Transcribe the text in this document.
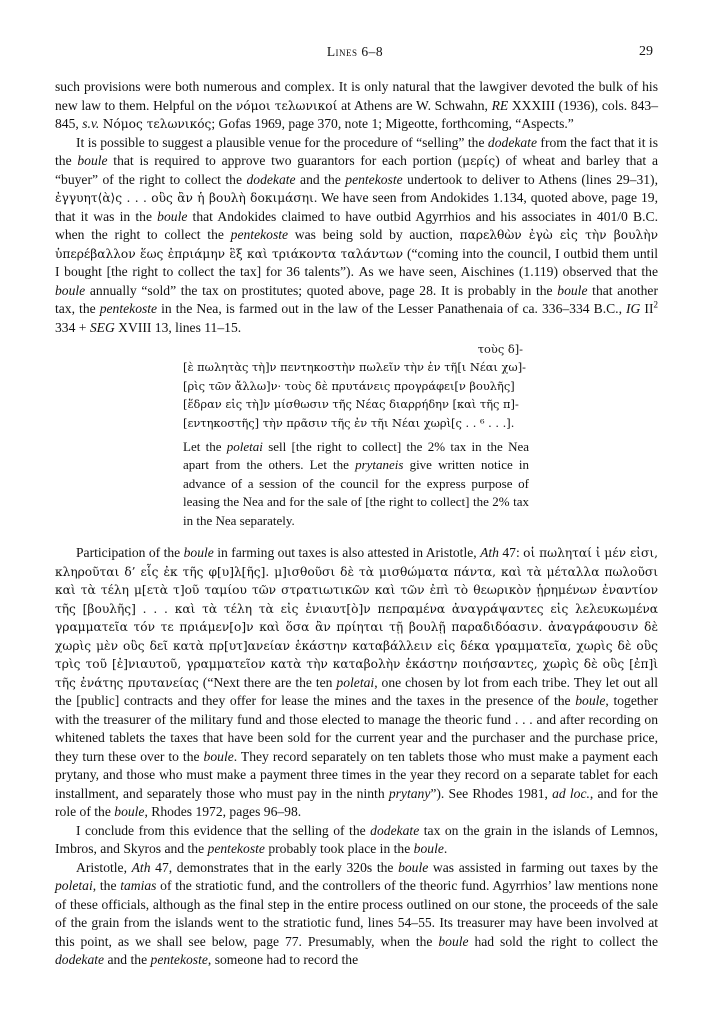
Lines 6–8	29

such provisions were both numerous and complex. It is only natural that the lawgiver devoted the bulk of his new law to them. Helpful on the νόμοι τελωνικοί at Athens are W. Schwahn, RE XXXIII (1936), cols. 843–845, s.v. Νόμος τελωνικός; Gofas 1969, page 370, note 1; Migeotte, forthcoming, “Aspects.”

It is possible to suggest a plausible venue for the procedure of “selling” the dodekate from the fact that it is the boule that is required to approve two guarantors for each portion (μερίς) of wheat and barley that a “buyer” of the right to collect the dodekate and the pentekoste undertook to deliver to Athens (lines 29–31), ἐγγυητ⟨ὰ⟩ς . . . οὓς ἂν ἡ βουλὴ δοκιμάσηι. We have seen from Andokides 1.134, quoted above, page 19, that it was in the boule that Andokides claimed to have outbid Agyrrhios and his associates in 401/0 B.C. when the right to collect the pentekoste was being sold by auction, παρελθὼν ἐγὼ εἰς τὴν βουλὴν ὑπερέβαλλον ἕως ἐπριάμην ἓξ καὶ τριάκοντα ταλάντων (“coming into the council, I outbid them until I bought [the right to collect the tax] for 36 talents”). As we have seen, Aischines (1.119) observed that the boule annually “sold” the tax on prostitutes; quoted above, page 28. It is probably in the boule that another tax, the pentekoste in the Nea, is farmed out in the law of the Lesser Panathenaia of ca. 336–334 B.C., IG $II^2$ 334 + SEG XVIII 13, lines 11–15.

τοὺς δ]-
[ὲ πωλητὰς τὴ]ν πεντηκοστὴν πωλεῖν τὴν ἐν τῆ[ι Νέαι χω]-
[ρὶς τῶν ἄλλω]ν· τοὺς δὲ πρυτάνεις προγράφει[ν βουλῆς]
[ἕδραν εἰς τὴ]ν μίσθωσιν τῆς Νέας διαρρήδην [καὶ τῆς π]-
[εντηκοστῆς] τὴν πρᾶσιν τῆς ἐν τῆι Νέαι χωρὶ[ς . . ⁶ . . .].
Let the poletai sell [the right to collect] the 2% tax in the Nea apart from the others. Let the prytaneis give written notice in advance of a session of the council for the express purpose of leasing the Nea and for the sale of [the right to collect] the 2% tax in the Nea separately.

Participation of the boule in farming out taxes is also attested in Aristotle, Ath 47: οἱ πωληταί ἰ μέν εἰσι, κληροῦται δ’ εἷς ἐκ τῆς φ[υ]λ[ῆς]. μ]ισθοῦσι δὲ τὰ μισθώματα πάντα, καὶ τὰ μέταλλα πωλοῦσι καὶ τὰ τέλη μ[ετὰ τ]οῦ ταμίου τῶν στρατιωτικῶν καὶ τῶν ἐπὶ τὸ θεωρικὸν ᾑρημένων ἐναντίον τῆς [βουλῆς] . . . καὶ τὰ τέλη τὰ εἰς ἐνιαυτ[ὸ]ν πεπραμένα ἀναγράψαντες εἰς λελευκωμένα γραμματεῖα τόν τε πριάμεν[ο]ν καὶ ὅσα ἂν πρίηται τῇ βουλῇ παραδιδόασιν. ἀναγράφουσιν δὲ χωρὶς μὲν οὓς δεῖ κατὰ πρ[υτ]ανείαν ἑκάστην καταβάλλειν εἰς δέκα γραμματεῖα, χωρὶς δὲ οὓς τρὶς τοῦ [ἐ]νιαυτοῦ, γραμματεῖον κατὰ τὴν καταβολὴν ἑκάστην ποιήσαντες, χωρὶς δὲ οὓς [ἐπ]ὶ τῆς ἐνάτης πρυτανείας (“Next there are the ten poletai, one chosen by lot from each tribe. They let out all the [public] contracts and they offer for lease the mines and the taxes in the presence of the boule, together with the treasurer of the military fund and those elected to manage the theoric fund . . . and after recording on whitened tablets the taxes that have been sold for the current year and the purchaser and the purchase price, they turn these over to the boule. They record separately on ten tablets those who must make a payment each prytany, and those who must make a payment three times in the year they record on a separate tablet for each installment, and separately those who must pay in the ninth prytany”). See Rhodes 1981, ad loc., and for the role of the boule, Rhodes 1972, pages 96–98.

I conclude from this evidence that the selling of the dodekate tax on the grain in the islands of Lemnos, Imbros, and Skyros and the pentekoste probably took place in the boule.

Aristotle, Ath 47, demonstrates that in the early 320s the boule was assisted in farming out taxes by the poletai, the tamias of the stratiotic fund, and the controllers of the theoric fund. Agyrrhios’ law mentions none of these officials, although as the final step in the entire process outlined on our stone, the proceeds of the sale of the grain from the islands went to the stratiotic fund, lines 54–55. Its treasurer may have been involved at this point, as we shall see below, page 77. Presumably, when the boule had sold the right to collect the dodekate and the pentekoste, someone had to record the
